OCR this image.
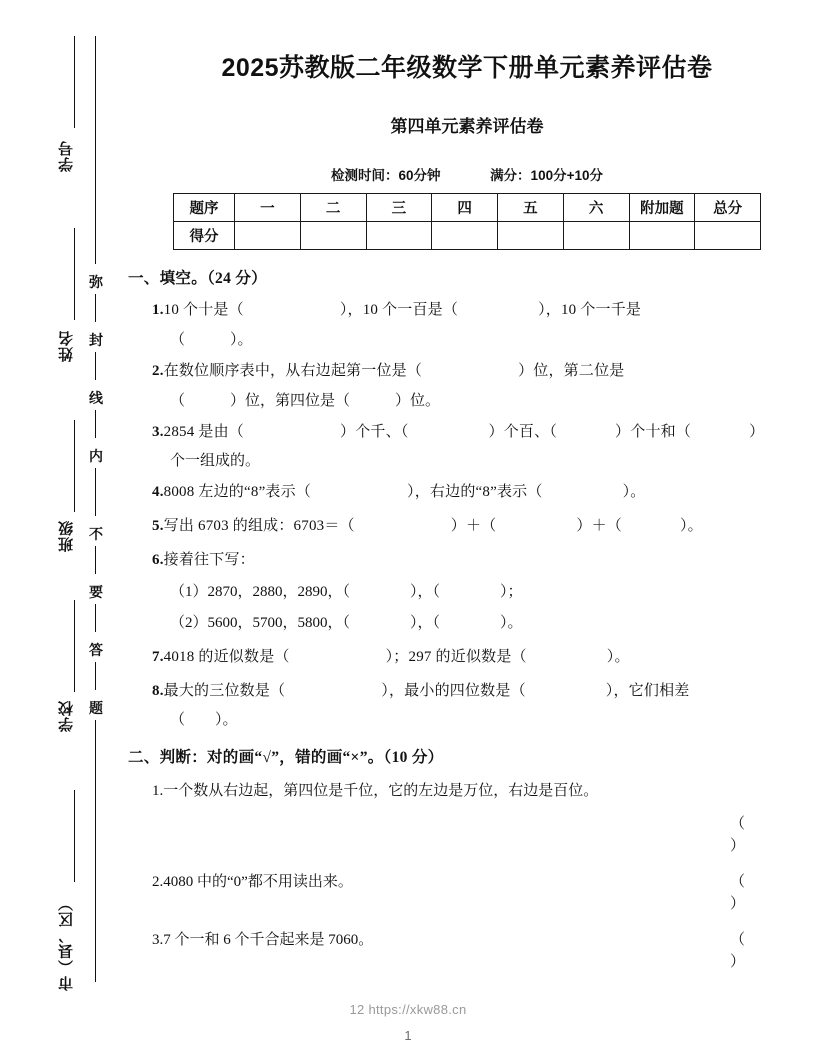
学号
姓名
班级
学校
市（县、区）
弥
封
线
内
不
要
答
题
2025苏教版二年级数学下册单元素养评估卷
第四单元素养评估卷
检测时间：60分钟	满分：100分+10分
题序	一	二	三	四	五	六	附加题	总分
得分								
一、填空。（24 分）
1.10 个十是（	），10 个一百是（	），10 个一千是
（　　　）。
2.在数位顺序表中，从右边起第一位是（	）位，第二位是
（　　　）位，第四位是（　　　）位。
3.2854 是由（	）个千、（	）个百、（	）个十和（	）
个一组成的。
4.8008 左边的“8”表示（	），右边的“8”表示（	）。
5.写出 6703 的组成：6703＝（	）＋（	）＋（	）。
6.接着往下写：
（1）2870，2880，2890，（　　　　），（　　　　）；
（2）5600，5700，5800，（　　　　），（　　　　）。
7.4018 的近似数是（	）；297 的近似数是（	）。
8.最大的三位数是（	），最小的四位数是（	），它们相差
（　　）。
二、判断：对的画“√”，错的画“×”。（10 分）
1.一个数从右边起，第四位是千位，它的左边是万位，右边是百位。
（）
2.4080 中的“0”都不用读出来。	（）
3.7 个一和 6 个千合起来是 7060。	（）
12 https://xkw88.cn
1
